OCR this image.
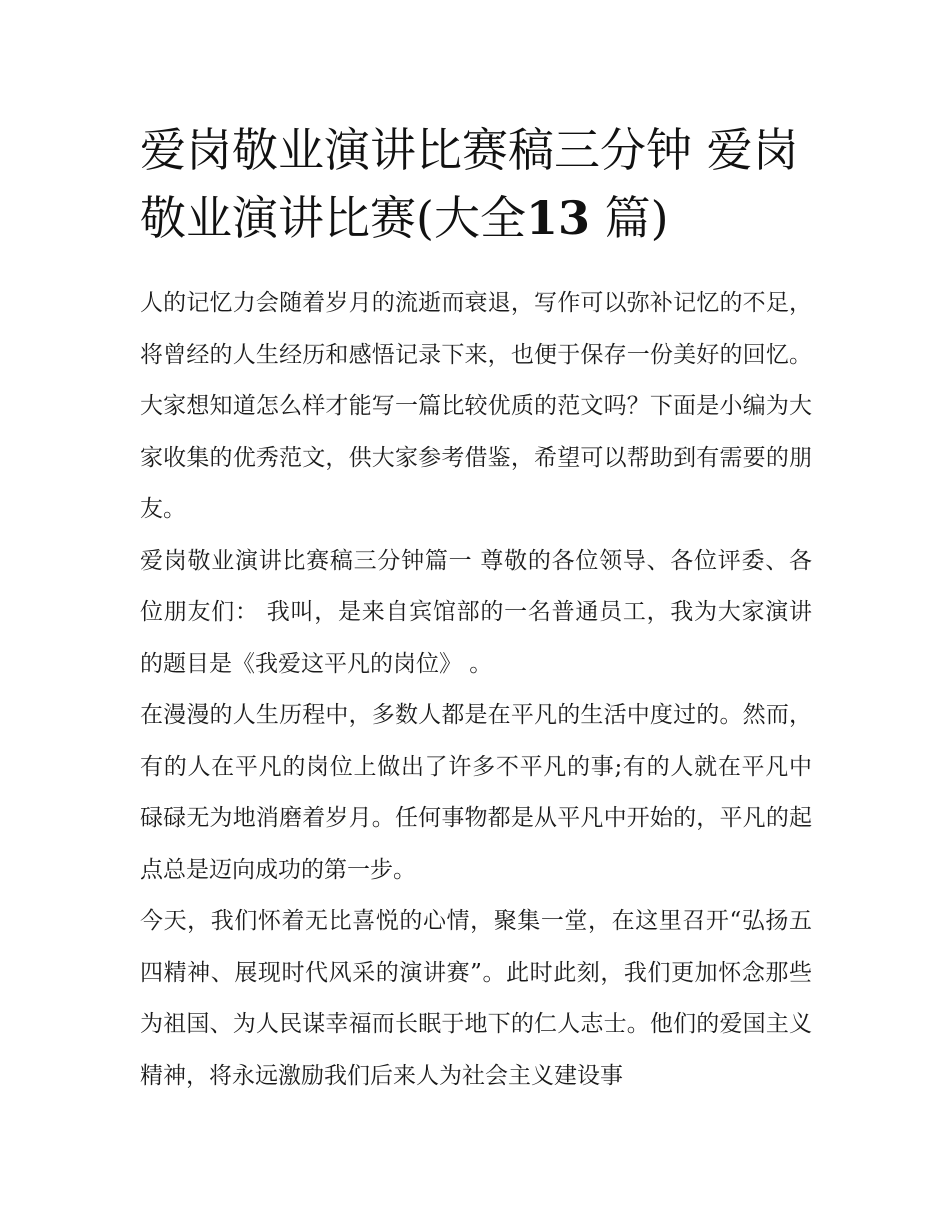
爱岗敬业演讲比赛稿三分钟 爱岗敬业演讲比赛(大全13 篇)

人的记忆力会随着岁月的流逝而衰退，写作可以弥补记忆的不足，将曾经的人生经历和感悟记录下来，也便于保存一份美好的回忆。大家想知道怎么样才能写一篇比较优质的范文吗？下面是小编为大家收集的优秀范文，供大家参考借鉴，希望可以帮助到有需要的朋友。

爱岗敬业演讲比赛稿三分钟篇一 尊敬的各位领导、各位评委、各位朋友们： 我叫，是来自宾馆部的一名普通员工，我为大家演讲的题目是《我爱这平凡的岗位》 。

在漫漫的人生历程中，多数人都是在平凡的生活中度过的。然而，有的人在平凡的岗位上做出了许多不平凡的事;有的人就在平凡中碌碌无为地消磨着岁月。任何事物都是从平凡中开始的，平凡的起点总是迈向成功的第一步。

今天，我们怀着无比喜悦的心情，聚集一堂，在这里召开“弘扬五四精神、展现时代风采的演讲赛”。此时此刻，我们更加怀念那些为祖国、为人民谋幸福而长眠于地下的仁人志士。他们的爱国主义精神，将永远激励我们后来人为社会主义建设事
